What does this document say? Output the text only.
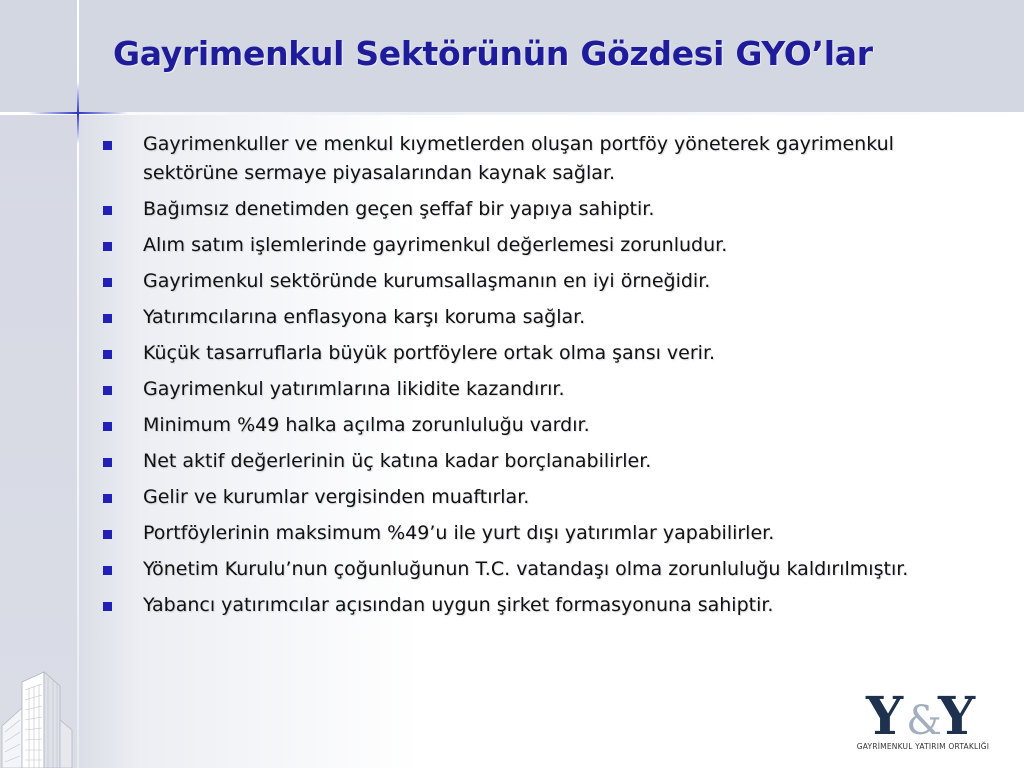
Gayrimenkul Sektörünün Gözdesi GYO’lar
Gayrimenkuller ve menkul kıymetlerden oluşan portföy yöneterek gayrimenkul sektörüne sermaye piyasalarından kaynak sağlar.
Bağımsız denetimden geçen şeffaf bir yapıya sahiptir.
Alım satım işlemlerinde gayrimenkul değerlemesi zorunludur.
Gayrimenkul sektöründe kurumsallaşmanın en iyi örneğidir.
Yatırımcılarına enflasyona karşı koruma sağlar.
Küçük tasarruflarla büyük portföylere ortak olma şansı verir.
Gayrimenkul yatırımlarına likidite kazandırır.
Minimum %49 halka açılma zorunluluğu vardır.
Net aktif değerlerinin üç katına kadar borçlanabilirler.
Gelir ve kurumlar vergisinden muaftırlar.
Portföylerinin maksimum %49’u ile yurt dışı yatırımlar yapabilirler.
Yönetim Kurulu’nun çoğunluğunun T.C. vatandaşı olma zorunluluğu kaldırılmıştır.
Yabancı yatırımcılar açısından uygun şirket formasyonuna sahiptir.
&
Y Y
GAYRİMENKUL YATIRIM ORTAKLIĞI
